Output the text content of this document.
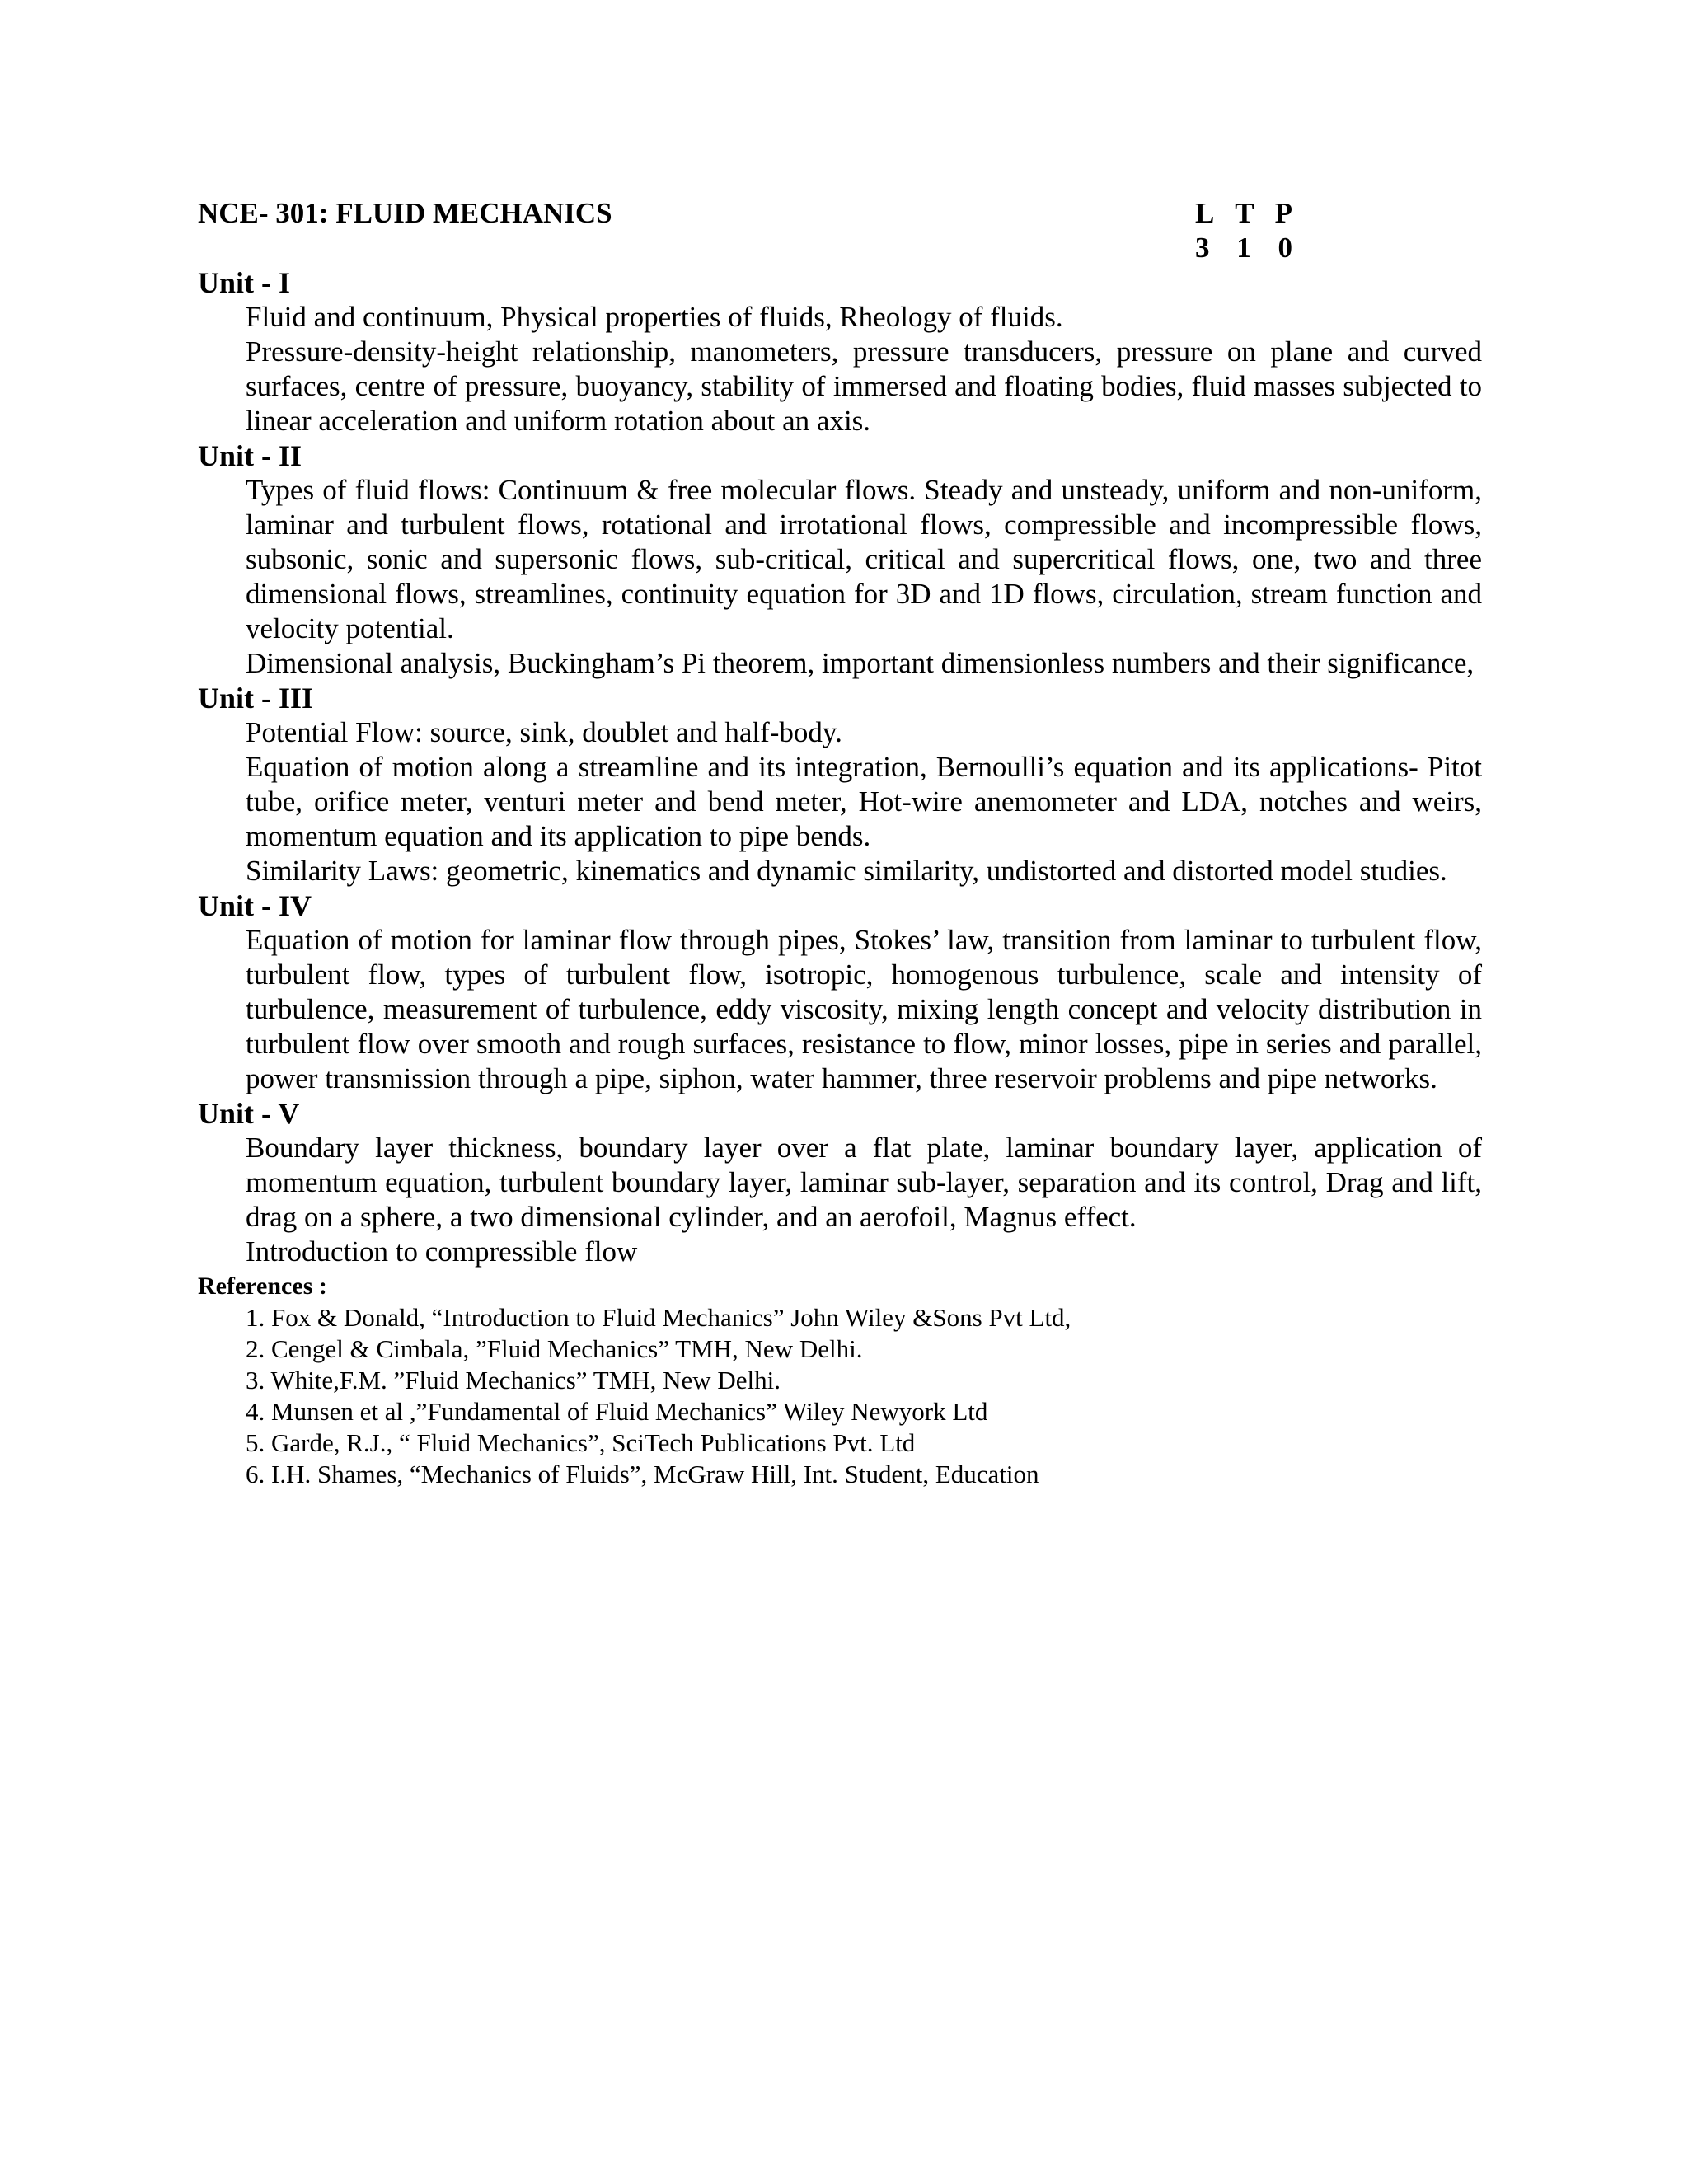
NCE- 301: FLUID MECHANICS	L T P
3 1 0
Unit - I
Fluid and continuum, Physical properties of fluids, Rheology of fluids.
Pressure-density-height relationship, manometers, pressure transducers, pressure on plane and curved surfaces, centre of pressure, buoyancy, stability of immersed and floating bodies, fluid masses subjected to linear acceleration and uniform rotation about an axis.
Unit - II
Types of fluid flows: Continuum & free molecular flows. Steady and unsteady, uniform and non-uniform, laminar and turbulent flows, rotational and irrotational flows, compressible and incompressible flows, subsonic, sonic and supersonic flows, sub-critical, critical and supercritical flows, one, two and three dimensional flows, streamlines, continuity equation for 3D and 1D flows, circulation, stream function and velocity potential.
Dimensional analysis, Buckingham’s Pi theorem, important dimensionless numbers and their significance,
Unit - III
Potential Flow: source, sink, doublet and half-body.
Equation of motion along a streamline and its integration, Bernoulli’s equation and its applications- Pitot tube, orifice meter, venturi meter and bend meter, Hot-wire anemometer and LDA, notches and weirs, momentum equation and its application to pipe bends.
Similarity Laws: geometric, kinematics and dynamic similarity, undistorted and distorted model studies.
Unit - IV
Equation of motion for laminar flow through pipes, Stokes’ law, transition from laminar to turbulent flow, turbulent flow, types of turbulent flow, isotropic, homogenous turbulence, scale and intensity of turbulence, measurement of turbulence, eddy viscosity, mixing length concept and velocity distribution in turbulent flow over smooth and rough surfaces, resistance to flow, minor losses, pipe in series and parallel, power transmission through a pipe, siphon, water hammer, three reservoir problems and pipe networks.
Unit - V
Boundary layer thickness, boundary layer over a flat plate, laminar boundary layer, application of momentum equation, turbulent boundary layer, laminar sub-layer, separation and its control, Drag and lift, drag on a sphere, a two dimensional cylinder, and an aerofoil, Magnus effect.
Introduction to compressible flow
References :
1. Fox & Donald, “Introduction to Fluid Mechanics” John Wiley &Sons Pvt Ltd,
2. Cengel & Cimbala, ”Fluid Mechanics” TMH, New Delhi.
3. White,F.M. ”Fluid Mechanics” TMH, New Delhi.
4. Munsen et al ,”Fundamental of Fluid Mechanics” Wiley Newyork Ltd
5. Garde, R.J., “ Fluid Mechanics”, SciTech Publications Pvt. Ltd
6. I.H. Shames, “Mechanics of Fluids”, McGraw Hill, Int. Student, Education
